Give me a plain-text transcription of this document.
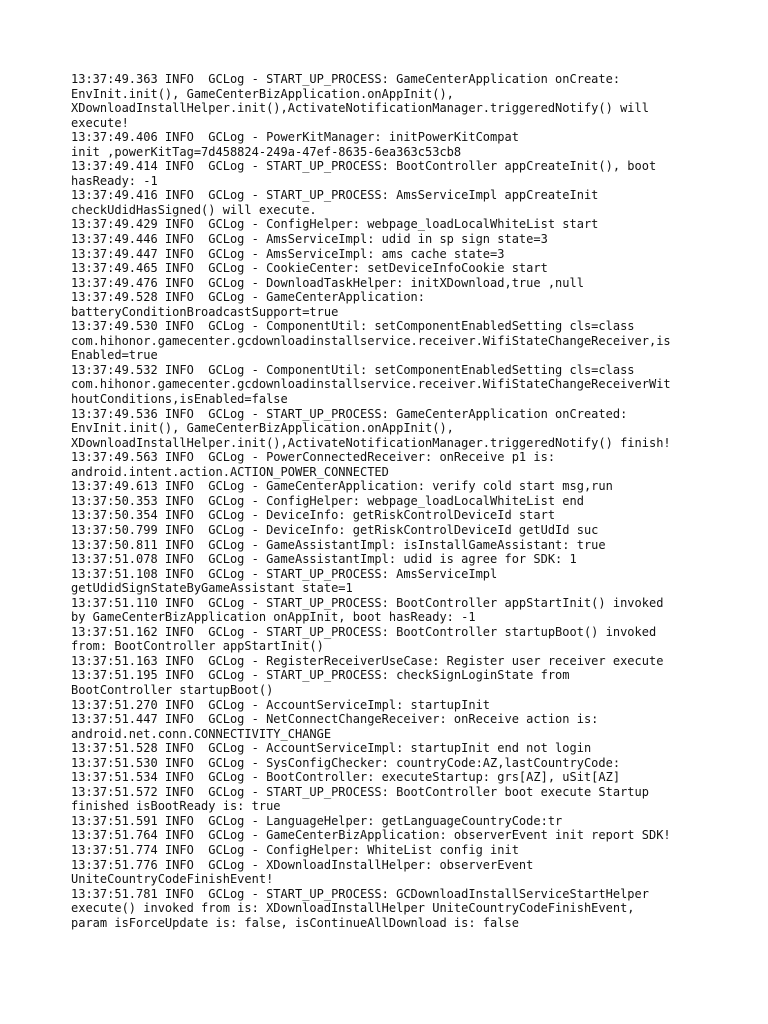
13:37:49.363 INFO  GCLog - START_UP_PROCESS: GameCenterApplication onCreate:
EnvInit.init(), GameCenterBizApplication.onAppInit(),
XDownloadInstallHelper.init(),ActivateNotificationManager.triggeredNotify() will
execute!
13:37:49.406 INFO  GCLog - PowerKitManager: initPowerKitCompat
init ,powerKitTag=7d458824-249a-47ef-8635-6ea363c53cb8
13:37:49.414 INFO  GCLog - START_UP_PROCESS: BootController appCreateInit(), boot
hasReady: -1
13:37:49.416 INFO  GCLog - START_UP_PROCESS: AmsServiceImpl appCreateInit
checkUdidHasSigned() will execute.
13:37:49.429 INFO  GCLog - ConfigHelper: webpage_loadLocalWhiteList start
13:37:49.446 INFO  GCLog - AmsServiceImpl: udid in sp sign state=3
13:37:49.447 INFO  GCLog - AmsServiceImpl: ams cache state=3
13:37:49.465 INFO  GCLog - CookieCenter: setDeviceInfoCookie start
13:37:49.476 INFO  GCLog - DownloadTaskHelper: initXDownload,true ,null
13:37:49.528 INFO  GCLog - GameCenterApplication:
batteryConditionBroadcastSupport=true
13:37:49.530 INFO  GCLog - ComponentUtil: setComponentEnabledSetting cls=class
com.hihonor.gamecenter.gcdownloadinstallservice.receiver.WifiStateChangeReceiver,is
Enabled=true
13:37:49.532 INFO  GCLog - ComponentUtil: setComponentEnabledSetting cls=class
com.hihonor.gamecenter.gcdownloadinstallservice.receiver.WifiStateChangeReceiverWit
houtConditions,isEnabled=false
13:37:49.536 INFO  GCLog - START_UP_PROCESS: GameCenterApplication onCreated:
EnvInit.init(), GameCenterBizApplication.onAppInit(),
XDownloadInstallHelper.init(),ActivateNotificationManager.triggeredNotify() finish!
13:37:49.563 INFO  GCLog - PowerConnectedReceiver: onReceive p1 is:
android.intent.action.ACTION_POWER_CONNECTED
13:37:49.613 INFO  GCLog - GameCenterApplication: verify cold start msg,run
13:37:50.353 INFO  GCLog - ConfigHelper: webpage_loadLocalWhiteList end
13:37:50.354 INFO  GCLog - DeviceInfo: getRiskControlDeviceId start
13:37:50.799 INFO  GCLog - DeviceInfo: getRiskControlDeviceId getUdId suc
13:37:50.811 INFO  GCLog - GameAssistantImpl: isInstallGameAssistant: true
13:37:51.078 INFO  GCLog - GameAssistantImpl: udid is agree for SDK: 1
13:37:51.108 INFO  GCLog - START_UP_PROCESS: AmsServiceImpl
getUdidSignStateByGameAssistant state=1
13:37:51.110 INFO  GCLog - START_UP_PROCESS: BootController appStartInit() invoked
by GameCenterBizApplication onAppInit, boot hasReady: -1
13:37:51.162 INFO  GCLog - START_UP_PROCESS: BootController startupBoot() invoked
from: BootController appStartInit()
13:37:51.163 INFO  GCLog - RegisterReceiverUseCase: Register user receiver execute
13:37:51.195 INFO  GCLog - START_UP_PROCESS: checkSignLoginState from
BootController startupBoot()
13:37:51.270 INFO  GCLog - AccountServiceImpl: startupInit
13:37:51.447 INFO  GCLog - NetConnectChangeReceiver: onReceive action is:
android.net.conn.CONNECTIVITY_CHANGE
13:37:51.528 INFO  GCLog - AccountServiceImpl: startupInit end not login
13:37:51.530 INFO  GCLog - SysConfigChecker: countryCode:AZ,lastCountryCode:
13:37:51.534 INFO  GCLog - BootController: executeStartup: grs[AZ], uSit[AZ]
13:37:51.572 INFO  GCLog - START_UP_PROCESS: BootController boot execute Startup
finished isBootReady is: true
13:37:51.591 INFO  GCLog - LanguageHelper: getLanguageCountryCode:tr
13:37:51.764 INFO  GCLog - GameCenterBizApplication: observerEvent init report SDK!
13:37:51.774 INFO  GCLog - ConfigHelper: WhiteList config init
13:37:51.776 INFO  GCLog - XDownloadInstallHelper: observerEvent
UniteCountryCodeFinishEvent!
13:37:51.781 INFO  GCLog - START_UP_PROCESS: GCDownloadInstallServiceStartHelper
execute() invoked from is: XDownloadInstallHelper UniteCountryCodeFinishEvent,
param isForceUpdate is: false, isContinueAllDownload is: false
